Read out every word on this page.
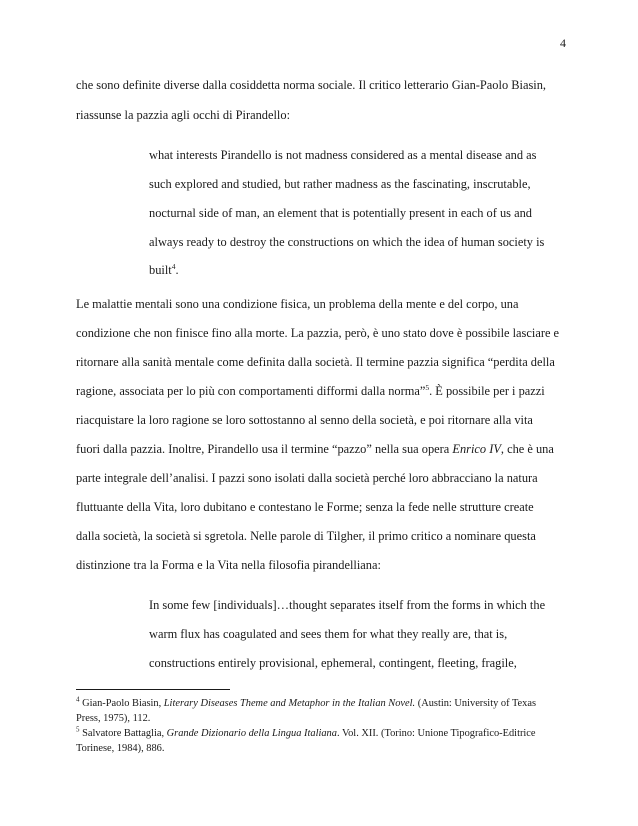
4
che sono definite diverse dalla cosiddetta norma sociale. Il critico letterario Gian-Paolo Biasin,
riassunse la pazzia agli occhi di Pirandello:
what interests Pirandello is not madness considered as a mental disease and as
such explored and studied, but rather madness as the fascinating, inscrutable,
nocturnal side of man, an element that is potentially present in each of us and
always ready to destroy the constructions on which the idea of human society is
built$^4$.
Le malattie mentali sono una condizione fisica, un problema della mente e del corpo, una
condizione che non finisce fino alla morte. La pazzia, però, è uno stato dove è possibile lasciare e
ritornare alla sanità mentale come definita dalla società. Il termine pazzia significa “perdita della
ragione, associata per lo più con comportamenti difformi dalla norma”$^5$. È possibile per i pazzi
riacquistare la loro ragione se loro sottostanno al senno della società, e poi ritornare alla vita
fuori dalla pazzia. Inoltre, Pirandello usa il termine “pazzo” nella sua opera Enrico IV, che è una
parte integrale dell’analisi. I pazzi sono isolati dalla società perché loro abbracciano la natura
fluttuante della Vita, loro dubitano e contestano le Forme; senza la fede nelle strutture create
dalla società, la società si sgretola. Nelle parole di Tilgher, il primo critico a nominare questa
distinzione tra la Forma e la Vita nella filosofia pirandelliana:
In some few [individuals]…thought separates itself from the forms in which the
warm flux has coagulated and sees them for what they really are, that is,
constructions entirely provisional, ephemeral, contingent, fleeting, fragile,
$^4$ Gian-Paolo Biasin, Literary Diseases Theme and Metaphor in the Italian Novel. (Austin: University of Texas
Press, 1975), 112.
$^5$ Salvatore Battaglia, Grande Dizionario della Lingua Italiana. Vol. XII. (Torino: Unione Tipografico-Editrice
Torinese, 1984), 886.
